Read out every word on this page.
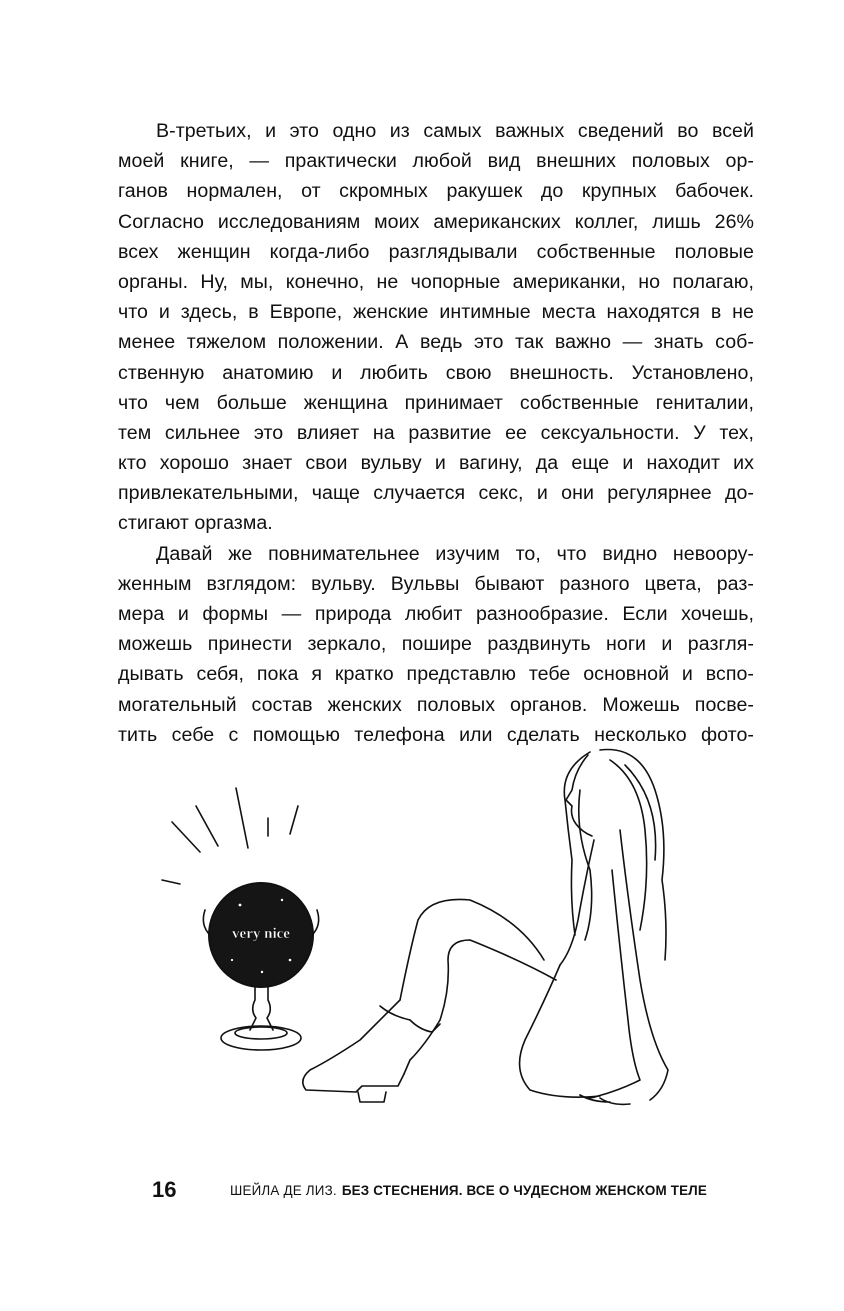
В-третьих, и это одно из самых важных сведений во всей
моей книге, — практически любой вид внешних половых ор-
ганов нормален, от скромных ракушек до крупных бабочек.
Согласно исследованиям моих американских коллег, лишь 26%
всех женщин когда-либо разглядывали собственные половые
органы. Ну, мы, конечно, не чопорные американки, но полагаю,
что и здесь, в Европе, женские интимные места находятся в не
менее тяжелом положении. А ведь это так важно — знать соб-
ственную анатомию и любить свою внешность. Установлено,
что чем больше женщина принимает собственные гениталии,
тем сильнее это влияет на развитие ее сексуальности. У тех,
кто хорошо знает свои вульву и вагину, да еще и находит их
привлекательными, чаще случается секс, и они регулярнее до-
стигают оргазма.
Давай же повнимательнее изучим то, что видно невоору-
женным взглядом: вульву. Вульвы бывают разного цвета, раз-
мера и формы — природа любит разнообразие. Если хочешь,
можешь принести зеркало, пошире раздвинуть ноги и разгля-
дывать себя, пока я кратко представлю тебе основной и вспо-
могательный состав женских половых органов. Можешь посве-
тить себе с помощью телефона или сделать несколько фото-
very nice
16	ШЕЙЛА ДЕ ЛИЗ. БЕЗ СТЕСНЕНИЯ. ВСЕ О ЧУДЕСНОМ ЖЕНСКОМ ТЕЛЕ
